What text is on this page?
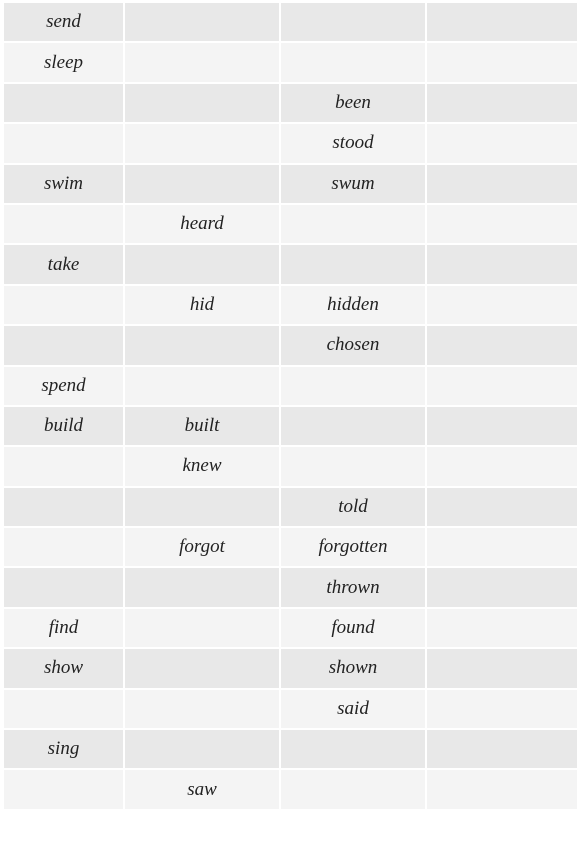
send			
sleep			
		been	
		stood	
swim		swum	
	heard		
take			
	hid	hidden	
		chosen	
spend			
build	built		
	knew		
		told	
	forgot	forgotten	
		thrown	
find		found	
show		shown	
		said	
sing			
	saw		
